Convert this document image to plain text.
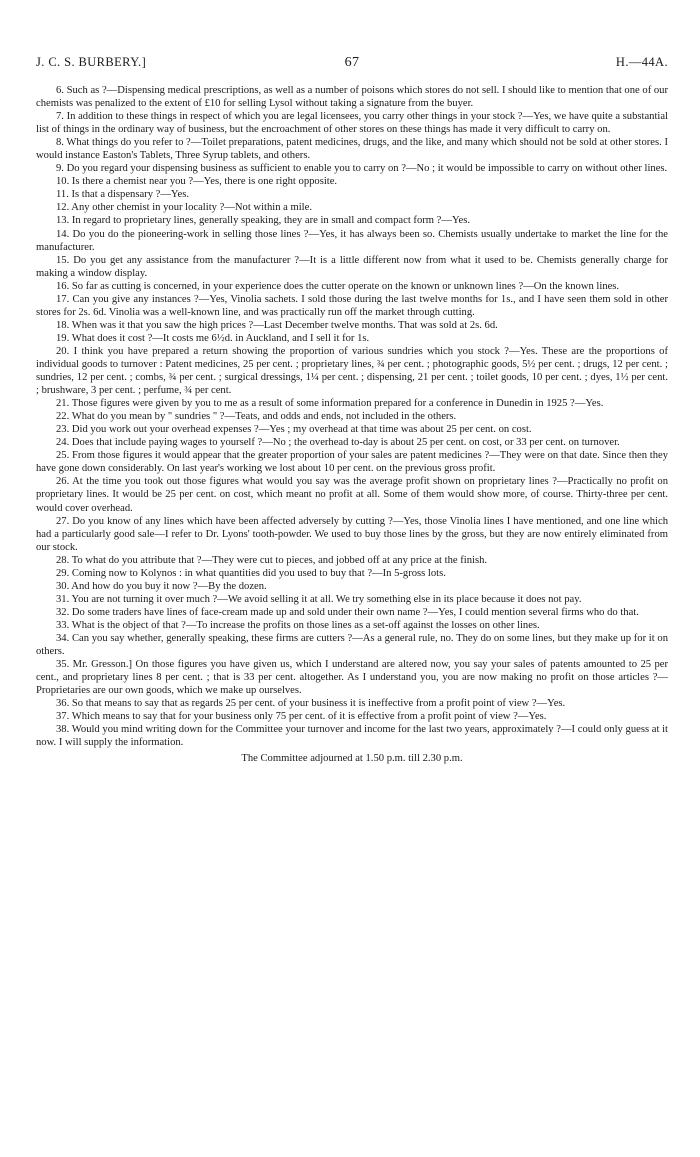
J. C. S. BURBERY.]	67	H.—44A.

6. Such as ?—Dispensing medical prescriptions, as well as a number of poisons which stores do not sell. I should like to mention that one of our chemists was penalized to the extent of £10 for selling Lysol without taking a signature from the buyer.

7. In addition to these things in respect of which you are legal licensees, you carry other things in your stock ?—Yes, we have quite a substantial list of things in the ordinary way of business, but the encroachment of other stores on these things has made it very difficult to carry on.

8. What things do you refer to ?—Toilet preparations, patent medicines, drugs, and the like, and many which should not be sold at other stores. I would instance Easton's Tablets, Three Syrup tablets, and others.

9. Do you regard your dispensing business as sufficient to enable you to carry on ?—No ; it would be impossible to carry on without other lines.

10. Is there a chemist near you ?—Yes, there is one right opposite.

11. Is that a dispensary ?—Yes.

12. Any other chemist in your locality ?—Not within a mile.

13. In regard to proprietary lines, generally speaking, they are in small and compact form ?—Yes.

14. Do you do the pioneering-work in selling those lines ?—Yes, it has always been so. Chemists usually undertake to market the line for the manufacturer.

15. Do you get any assistance from the manufacturer ?—It is a little different now from what it used to be. Chemists generally charge for making a window display.

16. So far as cutting is concerned, in your experience does the cutter operate on the known or unknown lines ?—On the known lines.

17. Can you give any instances ?—Yes, Vinolia sachets. I sold those during the last twelve months for 1s., and I have seen them sold in other stores for 2s. 6d. Vinolia was a well-known line, and was practically run off the market through cutting.

18. When was it that you saw the high prices ?—Last December twelve months. That was sold at 2s. 6d.

19. What does it cost ?—It costs me 6½d. in Auckland, and I sell it for 1s.

20. I think you have prepared a return showing the proportion of various sundries which you stock ?—Yes. These are the proportions of individual goods to turnover : Patent medicines, 25 per cent. ; proprietary lines, ¾ per cent. ; photographic goods, 5½ per cent. ; drugs, 12 per cent. ; sundries, 12 per cent. ; combs, ¾ per cent. ; surgical dressings, 1¼ per cent. ; dispensing, 21 per cent. ; toilet goods, 10 per cent. ; dyes, 1½ per cent. ; brushware, 3 per cent. ; perfume, ¾ per cent.

21. Those figures were given by you to me as a result of some information prepared for a conference in Dunedin in 1925 ?—Yes.

22. What do you mean by " sundries " ?—Teats, and odds and ends, not included in the others.

23. Did you work out your overhead expenses ?—Yes ; my overhead at that time was about 25 per cent. on cost.

24. Does that include paying wages to yourself ?—No ; the overhead to-day is about 25 per cent. on cost, or 33 per cent. on turnover.

25. From those figures it would appear that the greater proportion of your sales are patent medicines ?—They were on that date. Since then they have gone down considerably. On last year's working we lost about 10 per cent. on the previous gross profit.

26. At the time you took out those figures what would you say was the average profit shown on proprietary lines ?—Practically no profit on proprietary lines. It would be 25 per cent. on cost, which meant no profit at all. Some of them would show more, of course. Thirty-three per cent. would cover overhead.

27. Do you know of any lines which have been affected adversely by cutting ?—Yes, those Vinolia lines I have mentioned, and one line which had a particularly good sale—I refer to Dr. Lyons' tooth-powder. We used to buy those lines by the gross, but they are now entirely eliminated from our stock.

28. To what do you attribute that ?—They were cut to pieces, and jobbed off at any price at the finish.

29. Coming now to Kolynos : in what quantities did you used to buy that ?—In 5-gross lots.

30. And how do you buy it now ?—By the dozen.

31. You are not turning it over much ?—We avoid selling it at all. We try something else in its place because it does not pay.

32. Do some traders have lines of face-cream made up and sold under their own name ?—Yes, I could mention several firms who do that.

33. What is the object of that ?—To increase the profits on those lines as a set-off against the losses on other lines.

34. Can you say whether, generally speaking, these firms are cutters ?—As a general rule, no. They do on some lines, but they make up for it on others.

35. Mr. Gresson.] On those figures you have given us, which I understand are altered now, you say your sales of patents amounted to 25 per cent., and proprietary lines 8 per cent. ; that is 33 per cent. altogether. As I understand you, you are now making no profit on those articles ?—Proprietaries are our own goods, which we make up ourselves.

36. So that means to say that as regards 25 per cent. of your business it is ineffective from a profit point of view ?—Yes.

37. Which means to say that for your business only 75 per cent. of it is effective from a profit point of view ?—Yes.

38. Would you mind writing down for the Committee your turnover and income for the last two years, approximately ?—I could only guess at it now. I will supply the information.

The Committee adjourned at 1.50 p.m. till 2.30 p.m.
